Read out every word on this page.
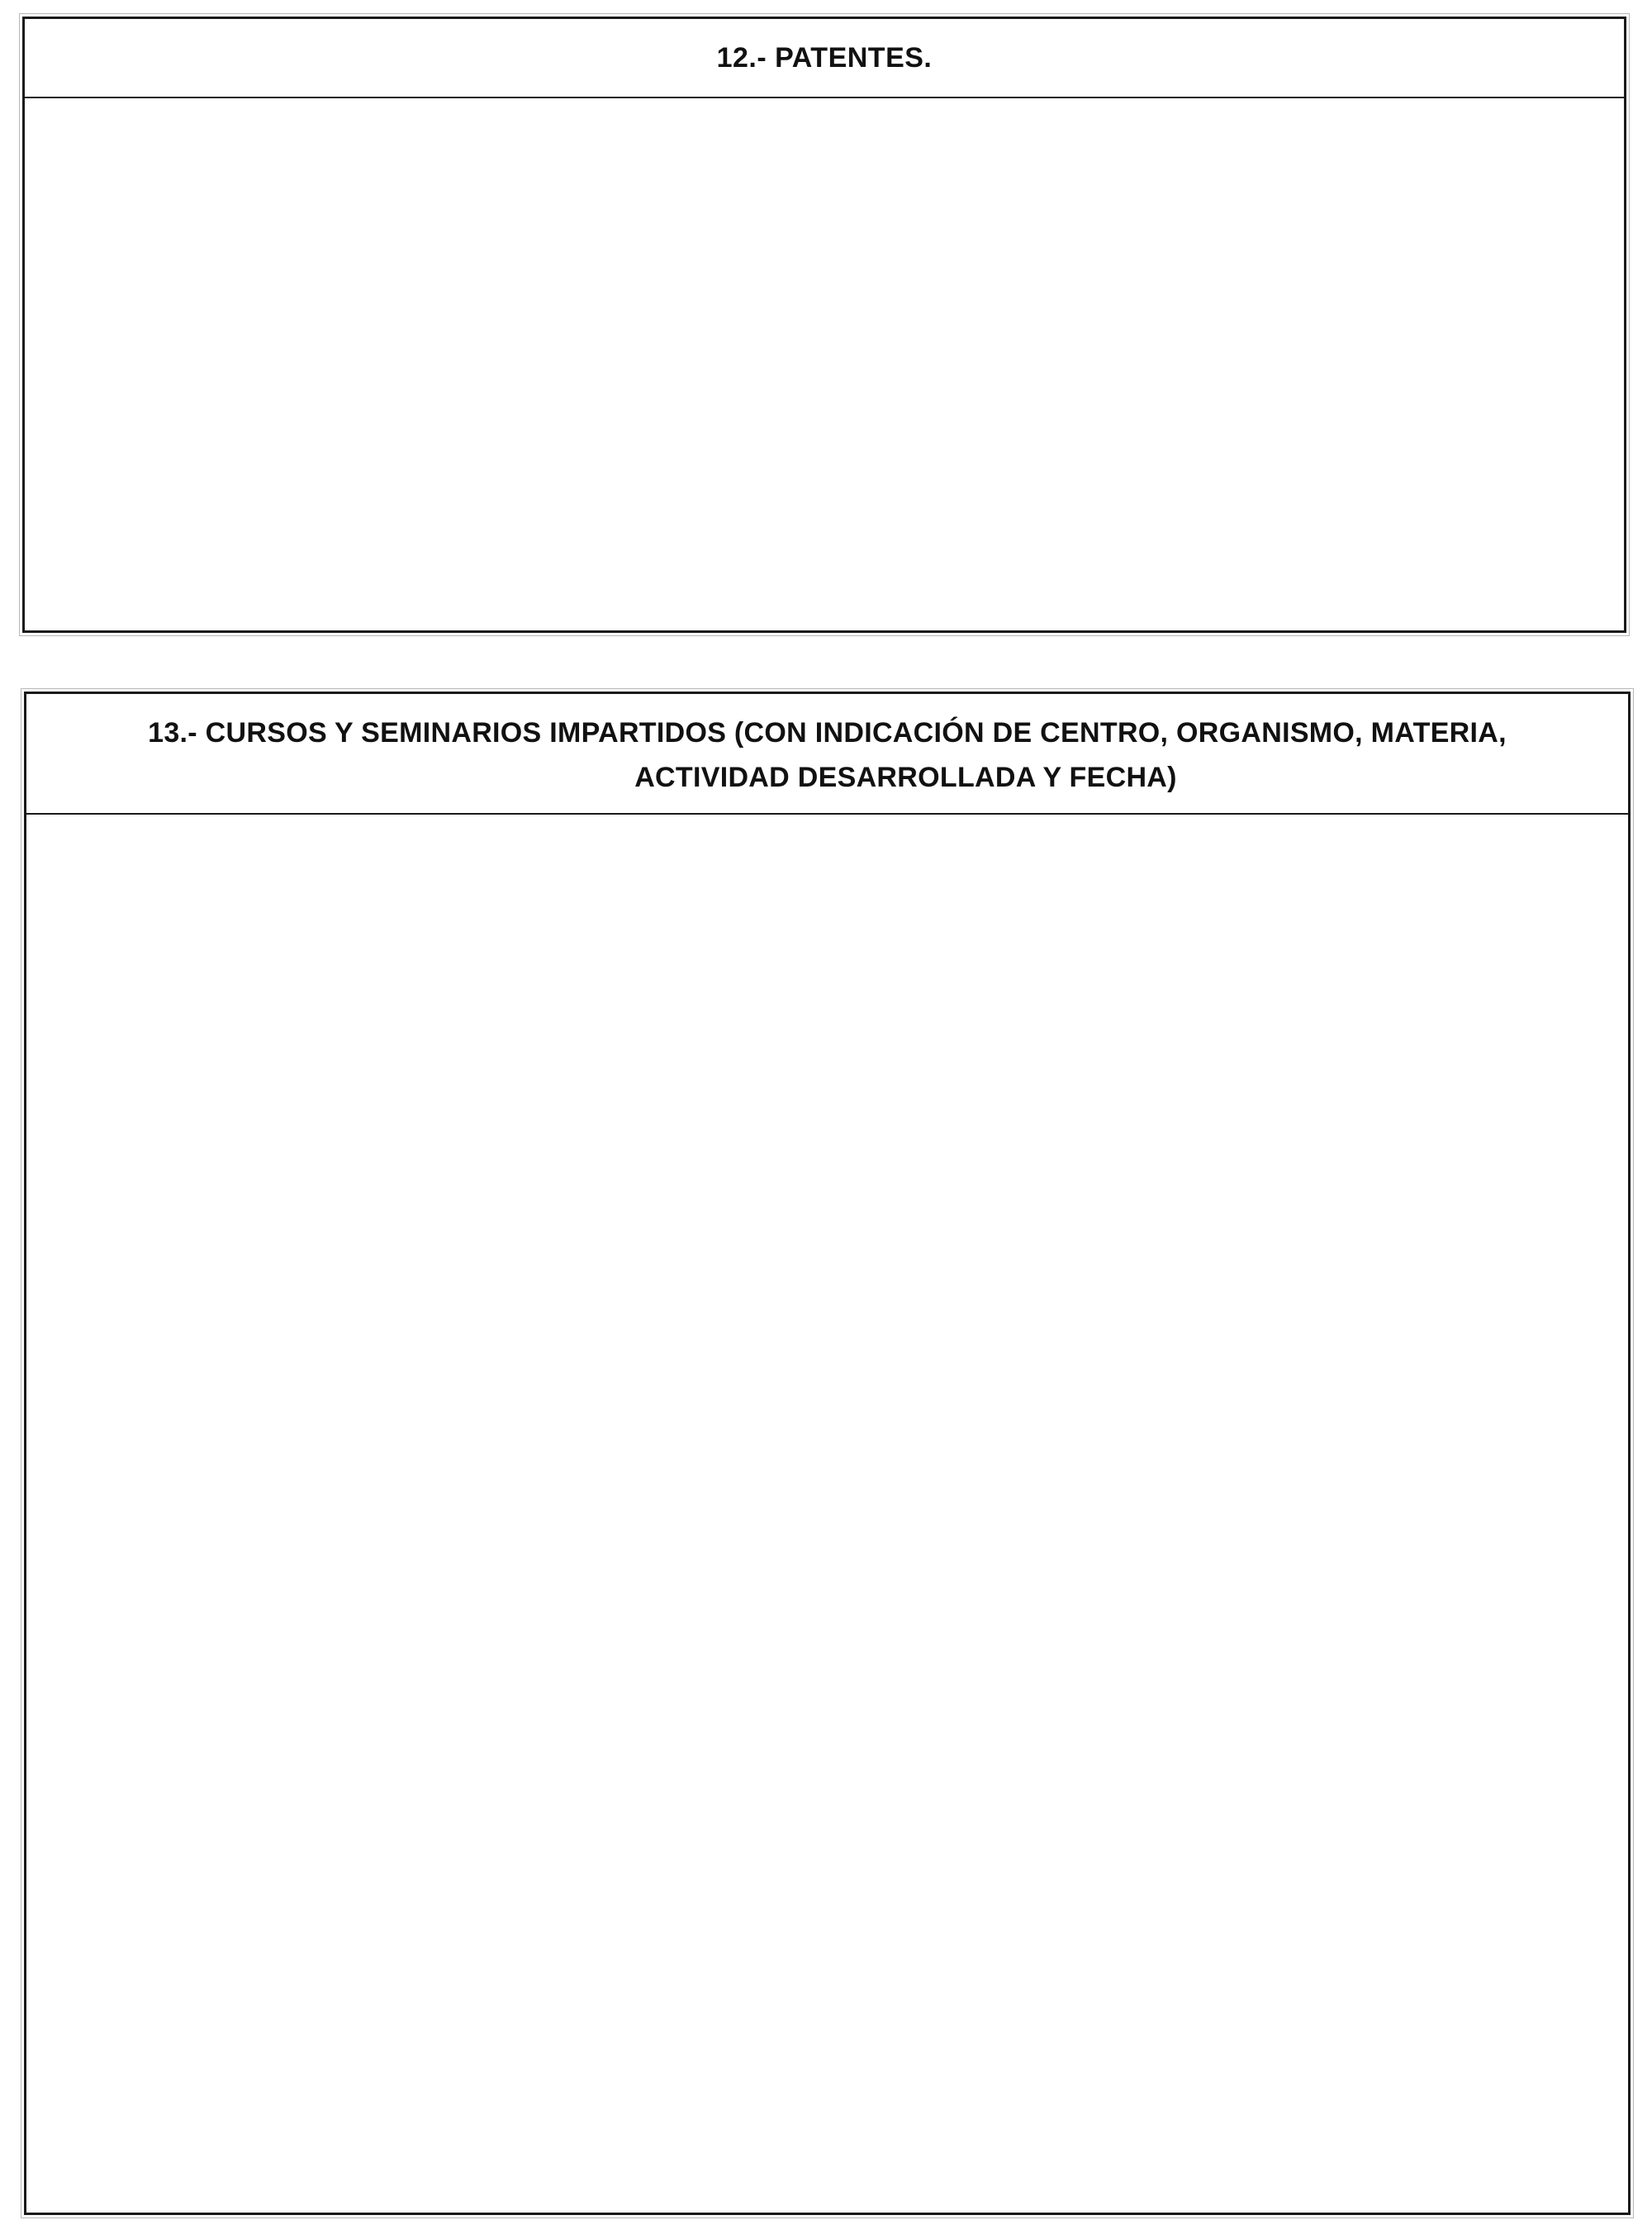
12.- PATENTES.
13.- CURSOS Y SEMINARIOS IMPARTIDOS (CON INDICACIÓN DE CENTRO, ORGANISMO, MATERIA,
ACTIVIDAD DESARROLLADA Y FECHA)
